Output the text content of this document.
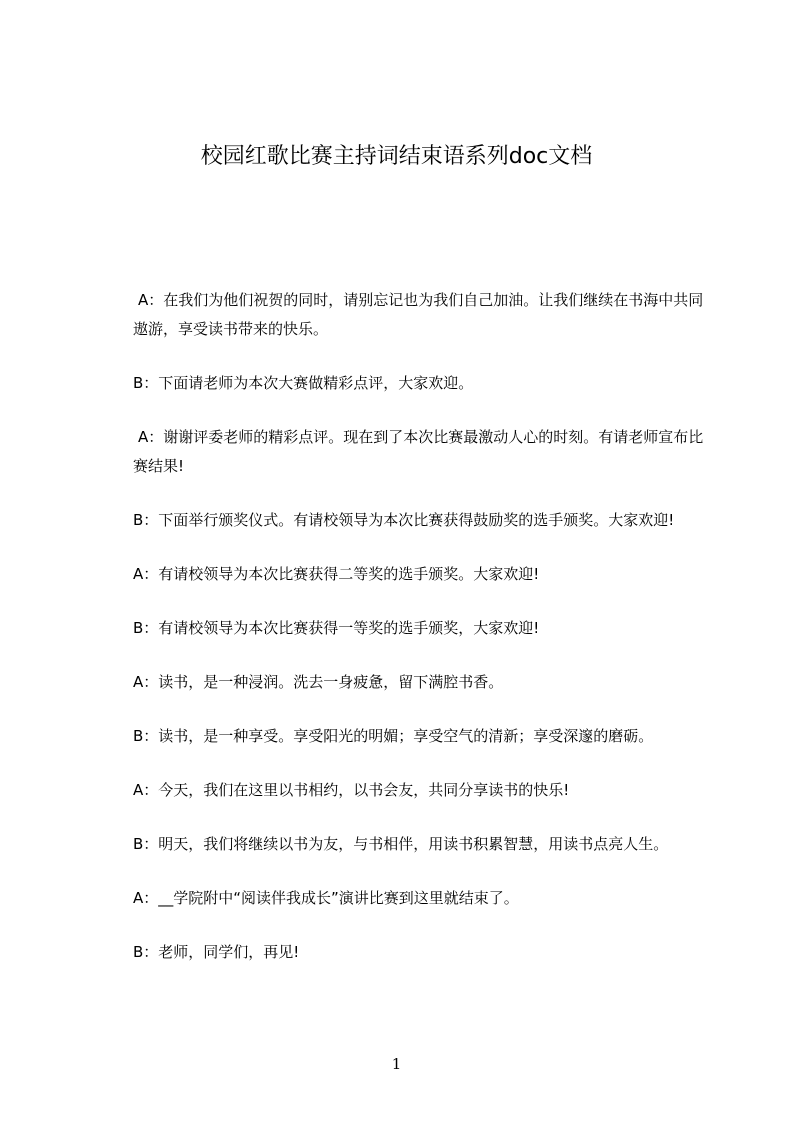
校园红歌比赛主持词结束语系列doc文档

A：在我们为他们祝贺的同时，请别忘记也为我们自己加油。让我们继续在书海中共同遨游，享受读书带来的快乐。

B：下面请老师为本次大赛做精彩点评，大家欢迎。

A：谢谢评委老师的精彩点评。现在到了本次比赛最激动人心的时刻。有请老师宣布比赛结果!

B：下面举行颁奖仪式。有请校领导为本次比赛获得鼓励奖的选手颁奖。大家欢迎!

A：有请校领导为本次比赛获得二等奖的选手颁奖。大家欢迎!

B：有请校领导为本次比赛获得一等奖的选手颁奖，大家欢迎!

A：读书，是一种浸润。洗去一身疲惫，留下满腔书香。

B：读书，是一种享受。享受阳光的明媚；享受空气的清新；享受深邃的磨砺。

A：今天，我们在这里以书相约，以书会友，共同分享读书的快乐!

B：明天，我们将继续以书为友，与书相伴，用读书积累智慧，用读书点亮人生。

A：__学院附中“阅读伴我成长”演讲比赛到这里就结束了。

B：老师，同学们，再见!

1
